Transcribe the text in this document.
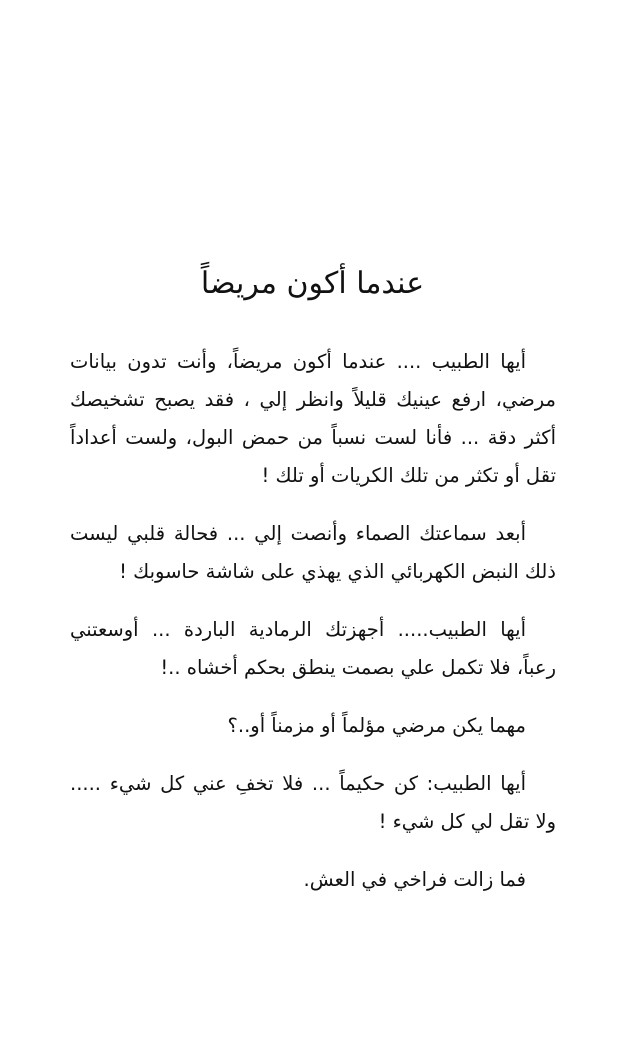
عندما أكون مريضاً

أيها الطبيب .... عندما أكون مريضاً، وأنت تدون بيانات مرضي، ارفع عينيك قليلاً وانظر إلي ، فقد يصبح تشخيصك أكثر دقة ... فأنا لست نسباً من حمض البول، ولست أعداداً تقل أو تكثر من تلك الكريات أو تلك !

أبعد سماعتك الصماء وأنصت إلي ... فحالة قلبي ليست ذلك النبض الكهربائي الذي يهذي على شاشة حاسوبك !

أيها الطبيب..... أجهزتك الرمادية الباردة ... أوسعتني رعباً، فلا تكمل علي بصمت ينطق بحكم أخشاه ..!

مهما يكن مرضي مؤلماً أو مزمناً أو..؟

أيها الطبيب: كن حكيماً ... فلا تخفِ عني كل شيء ..... ولا تقل لي كل شيء !

فما زالت فراخي في العش.
